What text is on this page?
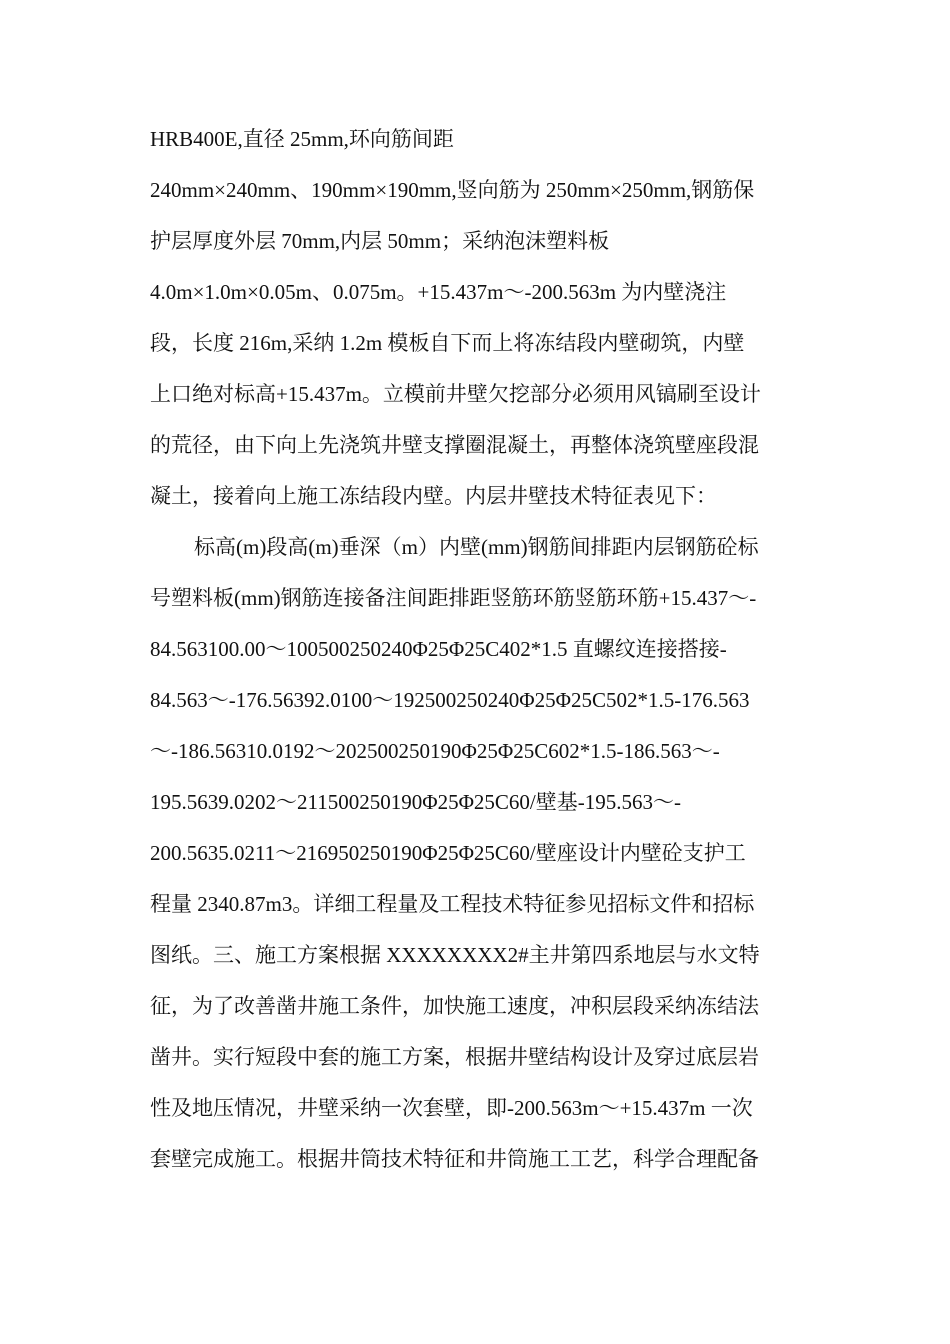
HRB400E,直径 25mm,环向筋间距
240mm×240mm、190mm×190mm,竖向筋为 250mm×250mm,钢筋保
护层厚度外层 70mm,内层 50mm；采纳泡沫塑料板
4.0m×1.0m×0.05m、0.075m。+15.437m～-200.563m 为内壁浇注
段，长度 216m,采纳 1.2m 模板自下而上将冻结段内壁砌筑，内壁
上口绝对标高+15.437m。立模前井壁欠挖部分必须用风镐刷至设计
的荒径，由下向上先浇筑井壁支撑圈混凝土，再整体浇筑壁座段混
凝土，接着向上施工冻结段内壁。内层井壁技术特征表见下：
标高(m)段高(m)垂深（m）内壁(mm)钢筋间排距内层钢筋砼标
号塑料板(mm)钢筋连接备注间距排距竖筋环筋竖筋环筋+15.437～-
84.563100.00～100500250240Φ25Φ25C402*1.5 直螺纹连接搭接-
84.563～-176.56392.0100～192500250240Φ25Φ25C502*1.5-176.563
～-186.56310.0192～202500250190Φ25Φ25C602*1.5-186.563～-
195.5639.0202～211500250190Φ25Φ25C60/壁基-195.563～-
200.5635.0211～216950250190Φ25Φ25C60/壁座设计内壁砼支护工
程量 2340.87m3。详细工程量及工程技术特征参见招标文件和招标
图纸。三、施工方案根据 XXXXXXXX2#主井第四系地层与水文特
征，为了改善凿井施工条件，加快施工速度，冲积层段采纳冻结法
凿井。实行短段中套的施工方案，根据井壁结构设计及穿过底层岩
性及地压情况，井壁采纳一次套壁，即-200.563m～+15.437m 一次
套壁完成施工。根据井筒技术特征和井筒施工工艺，科学合理配备
